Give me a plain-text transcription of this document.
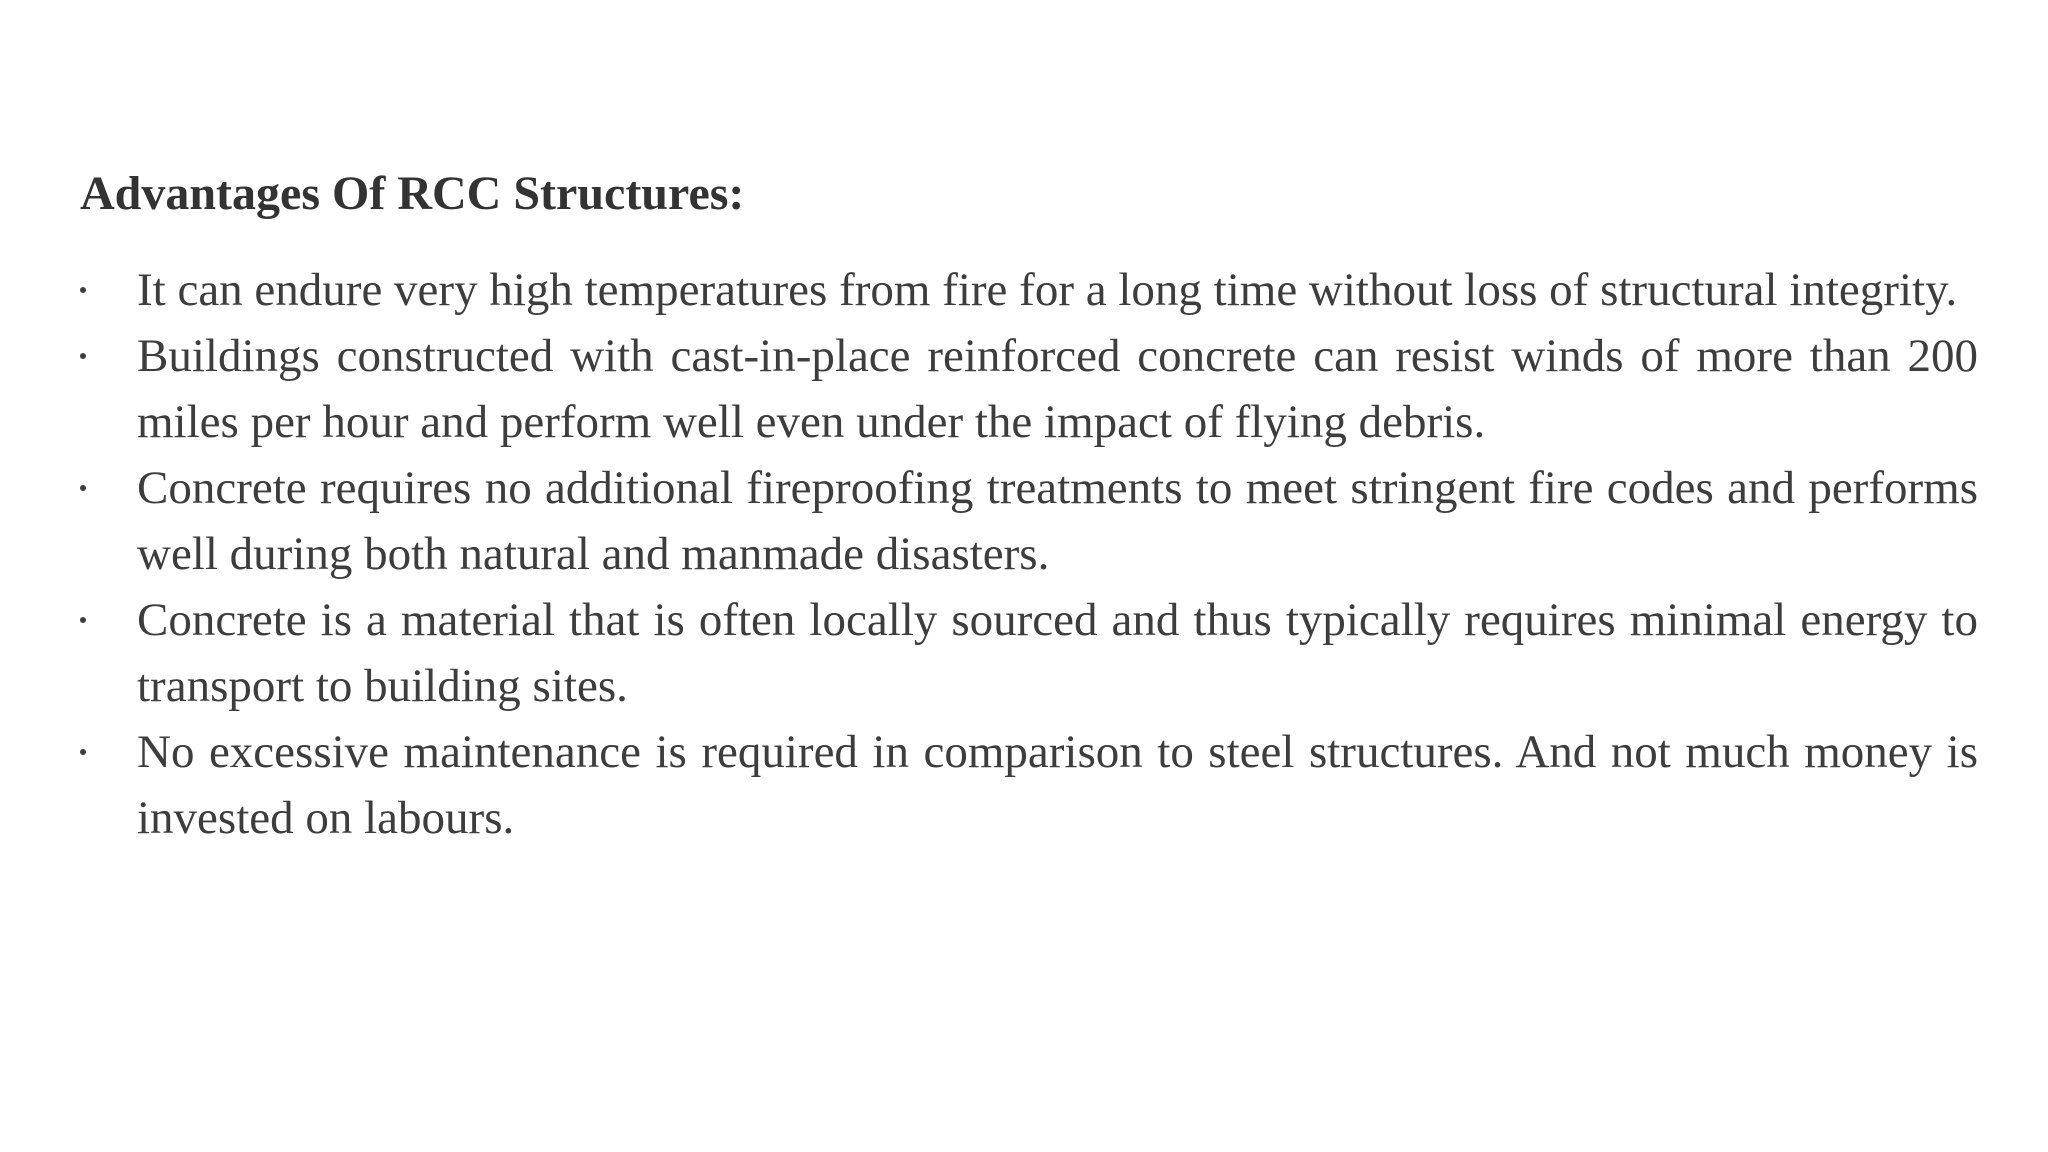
Advantages Of RCC Structures:
It can endure very high temperatures from fire for a long time without loss of structural integrity.
Buildings constructed with cast-in-place reinforced concrete can resist winds of more than 200 miles per hour and perform well even under the impact of flying debris.
Concrete requires no additional fireproofing treatments to meet stringent fire codes and performs well during both natural and manmade disasters.
Concrete is a material that is often locally sourced and thus typically requires minimal energy to transport to building sites.
No excessive maintenance is required in comparison to steel structures. And not much money is invested on labours.
